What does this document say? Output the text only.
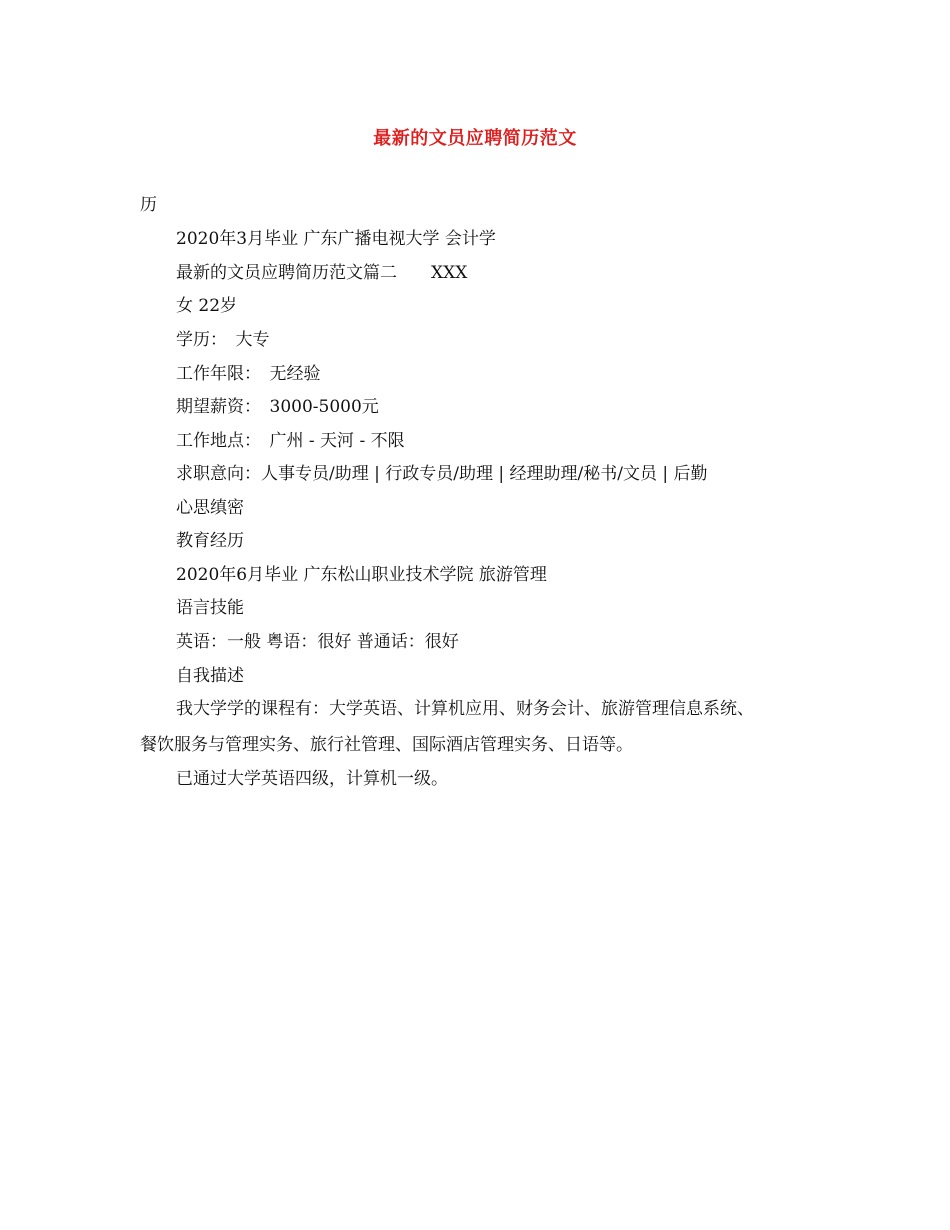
最新的文员应聘简历范文
历
2020年3月毕业 广东广播电视大学 会计学
最新的文员应聘简历范文篇二　　XXX
女 22岁
学历：　大专
工作年限：　无经验
期望薪资：　3000-5000元
工作地点：　广州 - 天河 - 不限
求职意向：人事专员/助理 | 行政专员/助理 | 经理助理/秘书/文员 | 后勤
心思缜密
教育经历
2020年6月毕业 广东松山职业技术学院 旅游管理
语言技能
英语：一般 粤语：很好 普通话：很好
自我描述
我大学学的课程有：大学英语、计算机应用、财务会计、旅游管理信息系统、
餐饮服务与管理实务、旅行社管理、国际酒店管理实务、日语等。
已通过大学英语四级，计算机一级。
